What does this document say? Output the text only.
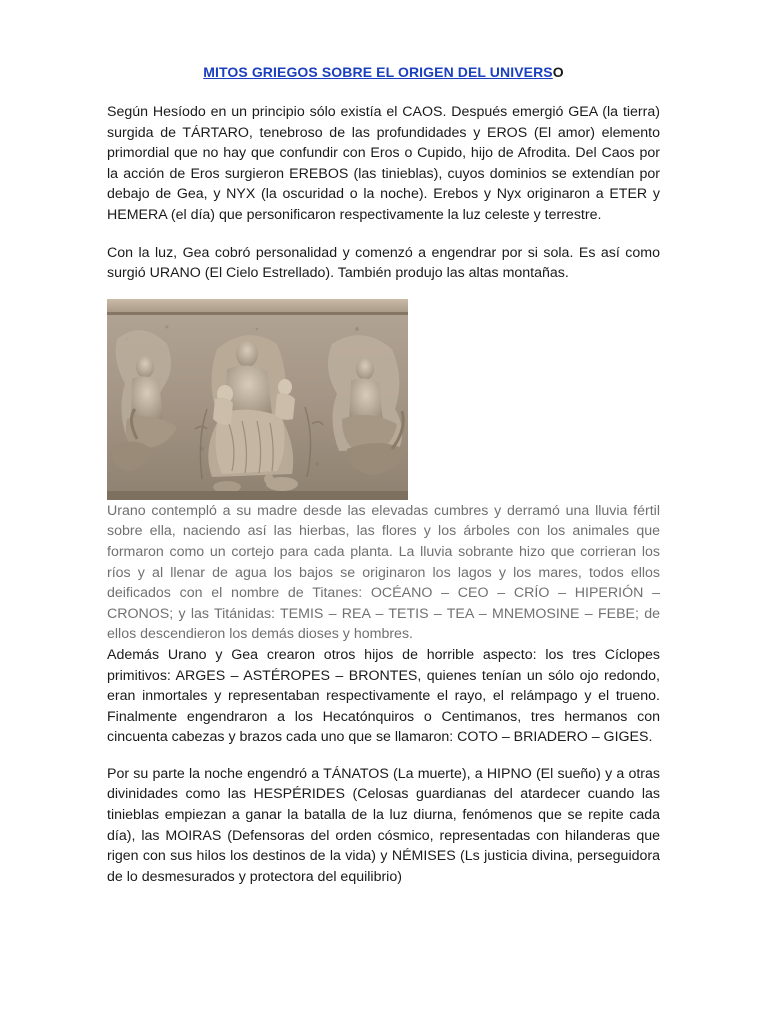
MITOS GRIEGOS SOBRE EL ORIGEN DEL UNIVERSO

Según Hesíodo en un principio sólo existía el CAOS. Después emergió GEA (la tierra) surgida de TÁRTARO, tenebroso de las profundidades y EROS (El amor) elemento primordial que no hay que confundir con Eros o Cupido, hijo de Afrodita. Del Caos por la acción de Eros surgieron EREBOS (las tinieblas), cuyos dominios se extendían por debajo de Gea, y NYX (la oscuridad o la noche). Erebos y Nyx originaron a ETER y HEMERA (el día) que personificaron respectivamente la luz celeste y terrestre.

Con la luz, Gea cobró personalidad y comenzó a engendrar por si sola. Es así como surgió URANO (El Cielo Estrellado). También produjo las altas montañas.

Urano contempló a su madre desde las elevadas cumbres y derramó una lluvia fértil sobre ella, naciendo así las hierbas, las flores y los árboles con los animales que formaron como un cortejo para cada planta. La lluvia sobrante hizo que corrieran los ríos y al llenar de agua los bajos se originaron los lagos y los mares, todos ellos deificados con el nombre de Titanes: OCÉANO – CEO – CRÍO – HIPERIÓN – CRONOS; y las Titánidas: TEMIS – REA – TETIS – TEA – MNEMOSINE – FEBE; de ellos descendieron los demás dioses y hombres.

Además Urano y Gea crearon otros hijos de horrible aspecto: los tres Cíclopes primitivos: ARGES – ASTÉROPES – BRONTES, quienes tenían un sólo ojo redondo, eran inmortales y representaban respectivamente el rayo, el relámpago y el trueno. Finalmente engendraron a los Hecatónquiros o Centimanos, tres hermanos con cincuenta cabezas y brazos cada uno que se llamaron: COTO – BRIADERO – GIGES.

Por su parte la noche engendró a TÁNATOS (La muerte), a HIPNO (El sueño) y a otras divinidades como las HESPÉRIDES (Celosas guardianas del atardecer cuando las tinieblas empiezan a ganar la batalla de la luz diurna, fenómenos que se repite cada día), las MOIRAS (Defensoras del orden cósmico, representadas con hilanderas que rigen con sus hilos los destinos de la vida) y NÉMISES (Ls justicia divina, perseguidora de lo desmesurados y protectora del equilibrio)
